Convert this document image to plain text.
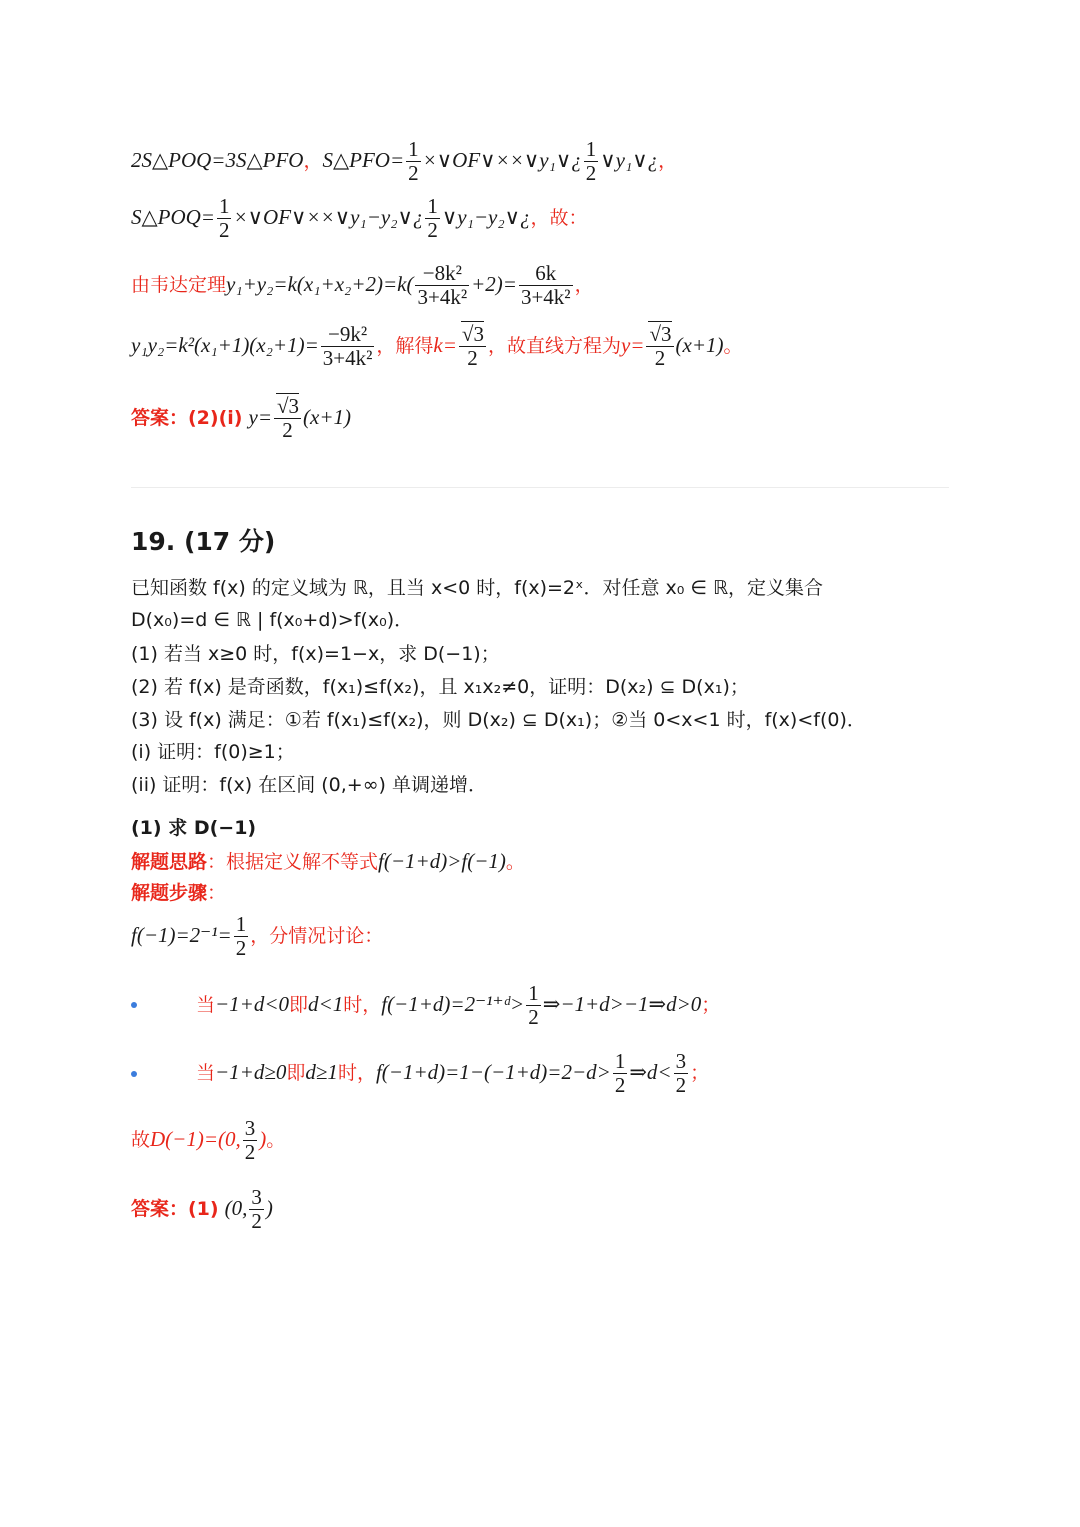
2S△POQ=3S△PFO，S△PFO= $\frac{1}{2}$ ×∨OF∨××∨y₁∨¿ $\frac{1}{2}$ ∨y₁∨¿，
S△POQ= $\frac{1}{2}$ ×∨OF∨××∨y₁−y₂∨¿ $\frac{1}{2}$ ∨y₁−y₂∨¿，故：
由韦达定理$y_1+y_2=k(x_1+x_2+2)=k( \frac{\text{−8k²}}{\text{3+4k²}} +2)= \frac{6k}{\text{3+4k²}}$ ，
$y_1y_2=k^2(x_1+1)(x_2+1)= \frac{\text{−9k²}}{\text{3+4k²}}$ ，解得$k= \frac{√3}{2}$ ，故直线方程为$y= \frac{√3}{2} (x+1)$。
答案：(2)(i) $y= \frac{√3}{2} (x+1)$
19. (17 分)
已知函数 f(x) 的定义域为 ℝ，且当 x<0 时，f(x)=2ˣ．对任意 x₀ ∈ ℝ，定义集合
D(x₀)=d ∈ ℝ | f(x₀+d)>f(x₀)．
(1) 若当 x≥0 时，f(x)=1−x，求 D(−1)；
(2) 若 f(x) 是奇函数，f(x₁)≤f(x₂)，且 x₁x₂≠0，证明：D(x₂) ⊆ D(x₁)；
(3) 设 f(x) 满足：①若 f(x₁)≤f(x₂)，则 D(x₂) ⊆ D(x₁)；②当 0<x<1 时，f(x)<f(0)．
(i) 证明：f(0)≥1；
(ii) 证明：f(x) 在区间 (0,+∞) 单调递增．
(1) 求 D(−1)
解题思路：根据定义解不等式f(−1+d)>f(−1)。
解题步骤：
$f(-1)=2^{-1}= \frac{1}{2}$ ，分情况讨论：
当−1+d<0即d<1时，f(−1+d)=2⁻¹⁺ᵈ> $\frac{1}{2}$ ⇒−1+d>−1⇒d>0；
当−1+d≥0即d≥1时，$f(-1+d)=1-(-1+d)=2-d> \frac{1}{2}$ ⇒d< $\frac{3}{2}$ ；
故D(−1)=(0, $\frac{3}{2}$ )。
答案：(1) (0, $\frac{3}{2}$ )
